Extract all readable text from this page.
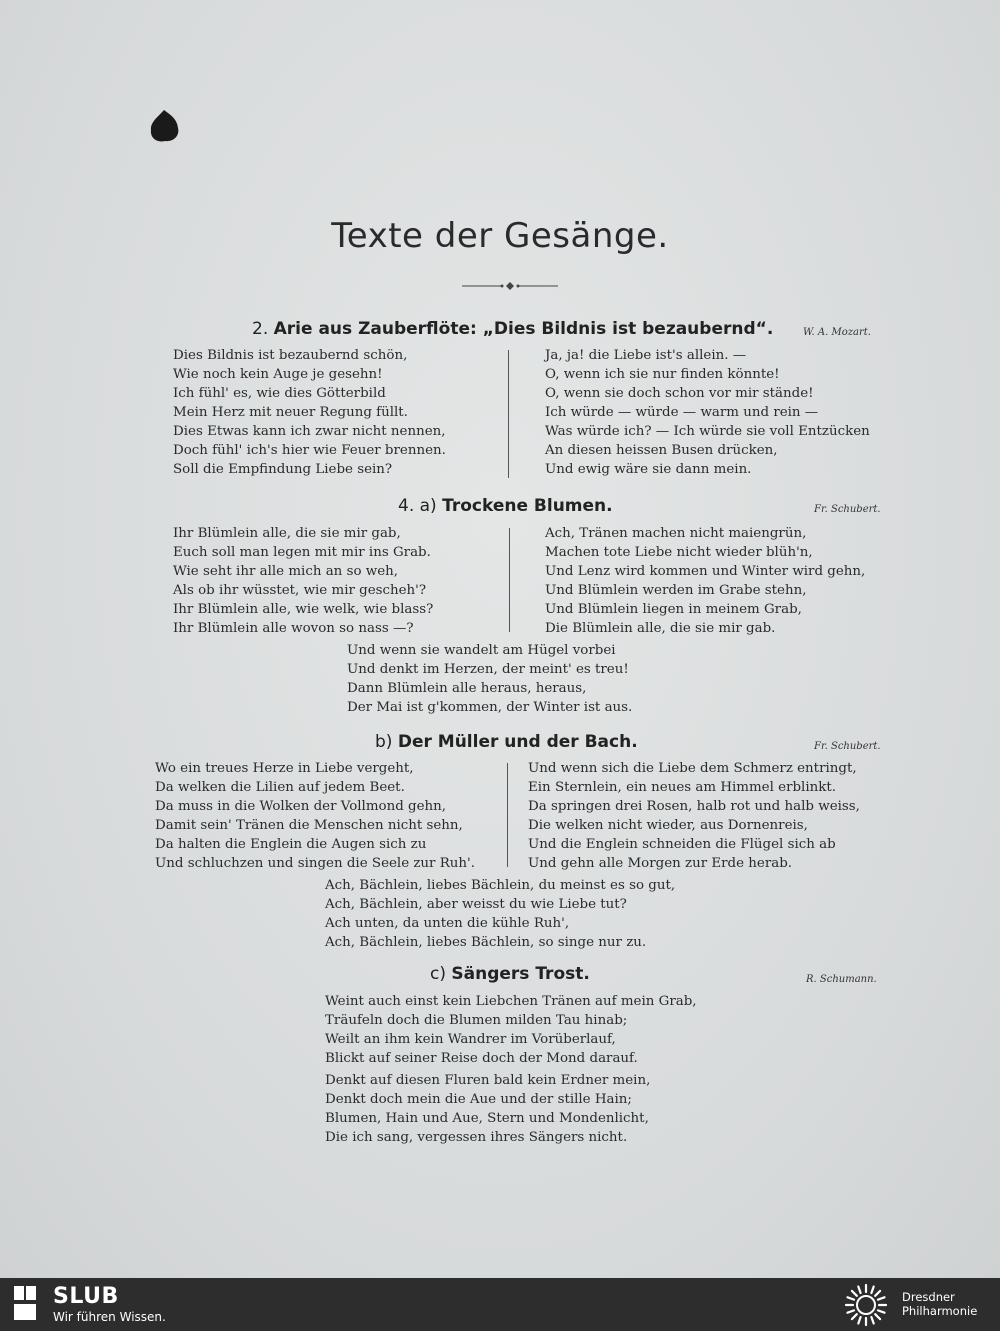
Texte der Gesänge.
2. Arie aus Zauberflöte: „Dies Bildnis ist bezaubernd“.	W. A. Mozart.
Dies Bildnis ist bezaubernd schön,
Wie noch kein Auge je gesehn!
Ich fühl' es, wie dies Götterbild
Mein Herz mit neuer Regung füllt.
Dies Etwas kann ich zwar nicht nennen,
Doch fühl' ich's hier wie Feuer brennen.
Soll die Empfindung Liebe sein?
Ja, ja! die Liebe ist's allein. —
O, wenn ich sie nur finden könnte!
O, wenn sie doch schon vor mir stände!
Ich würde — würde — warm und rein —
Was würde ich? — Ich würde sie voll Entzücken
An diesen heissen Busen drücken,
Und ewig wäre sie dann mein.
4. a) Trockene Blumen.	Fr. Schubert.
Ihr Blümlein alle, die sie mir gab,
Euch soll man legen mit mir ins Grab.
Wie seht ihr alle mich an so weh,
Als ob ihr wüsstet, wie mir gescheh'?
Ihr Blümlein alle, wie welk, wie blass?
Ihr Blümlein alle wovon so nass —?
Ach, Tränen machen nicht maiengrün,
Machen tote Liebe nicht wieder blüh'n,
Und Lenz wird kommen und Winter wird gehn,
Und Blümlein werden im Grabe stehn,
Und Blümlein liegen in meinem Grab,
Die Blümlein alle, die sie mir gab.
Und wenn sie wandelt am Hügel vorbei
Und denkt im Herzen, der meint' es treu!
Dann Blümlein alle heraus, heraus,
Der Mai ist g'kommen, der Winter ist aus.
b) Der Müller und der Bach.	Fr. Schubert.
Wo ein treues Herze in Liebe vergeht,
Da welken die Lilien auf jedem Beet.
Da muss in die Wolken der Vollmond gehn,
Damit sein' Tränen die Menschen nicht sehn,
Da halten die Englein die Augen sich zu
Und schluchzen und singen die Seele zur Ruh'.
Und wenn sich die Liebe dem Schmerz entringt,
Ein Sternlein, ein neues am Himmel erblinkt.
Da springen drei Rosen, halb rot und halb weiss,
Die welken nicht wieder, aus Dornenreis,
Und die Englein schneiden die Flügel sich ab
Und gehn alle Morgen zur Erde herab.
Ach, Bächlein, liebes Bächlein, du meinst es so gut,
Ach, Bächlein, aber weisst du wie Liebe tut?
Ach unten, da unten die kühle Ruh',
Ach, Bächlein, liebes Bächlein, so singe nur zu.
c) Sängers Trost.	R. Schumann.
Weint auch einst kein Liebchen Tränen auf mein Grab,
Träufeln doch die Blumen milden Tau hinab;
Weilt an ihm kein Wandrer im Vorüberlauf,
Blickt auf seiner Reise doch der Mond darauf.
Denkt auf diesen Fluren bald kein Erdner mein,
Denkt doch mein die Aue und der stille Hain;
Blumen, Hain und Aue, Stern und Mondenlicht,
Die ich sang, vergessen ihres Sängers nicht.
SLUB
Wir führen Wissen.
Dresdner
Philharmonie
